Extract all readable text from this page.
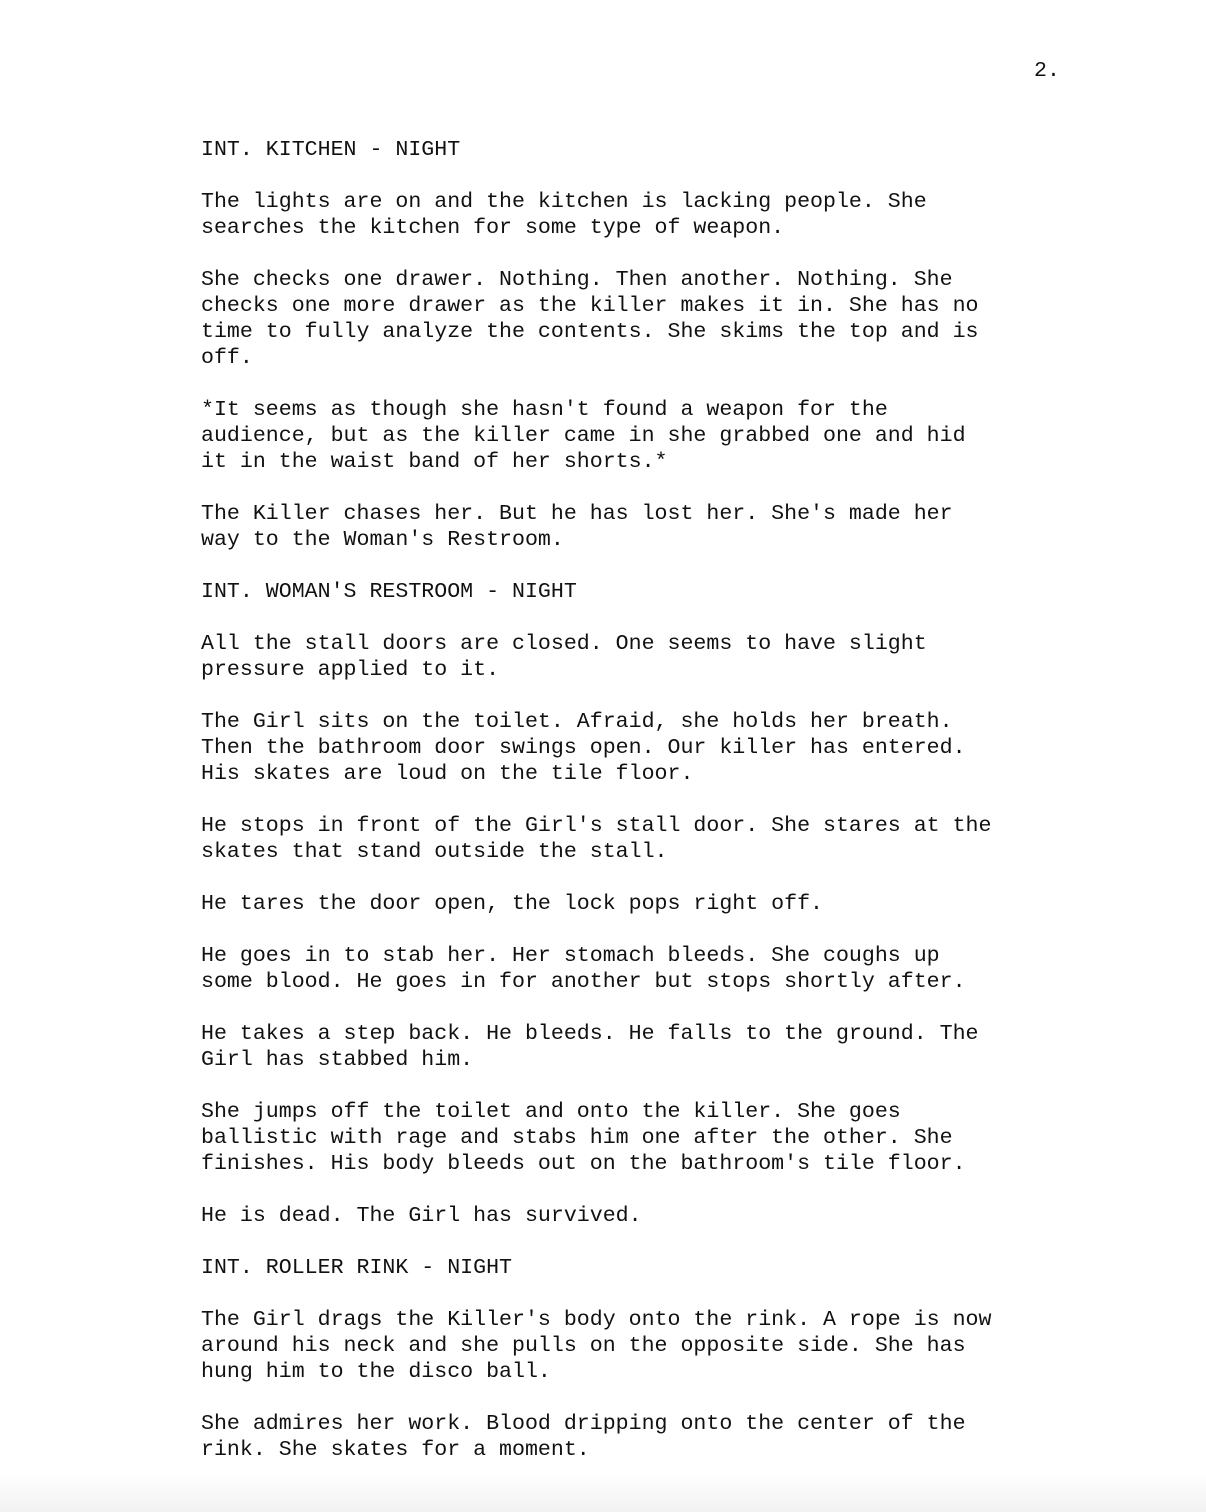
2.
INT. KITCHEN - NIGHT
The lights are on and the kitchen is lacking people. She
searches the kitchen for some type of weapon.
She checks one drawer. Nothing. Then another. Nothing. She
checks one more drawer as the killer makes it in. She has no
time to fully analyze the contents. She skims the top and is
off.
*It seems as though she hasn't found a weapon for the
audience, but as the killer came in she grabbed one and hid
it in the waist band of her shorts.*
The Killer chases her. But he has lost her. She's made her
way to the Woman's Restroom.
INT. WOMAN'S RESTROOM - NIGHT
All the stall doors are closed. One seems to have slight
pressure applied to it.
The Girl sits on the toilet. Afraid, she holds her breath.
Then the bathroom door swings open. Our killer has entered.
His skates are loud on the tile floor.
He stops in front of the Girl's stall door. She stares at the
skates that stand outside the stall.
He tares the door open, the lock pops right off.
He goes in to stab her. Her stomach bleeds. She coughs up
some blood. He goes in for another but stops shortly after.
He takes a step back. He bleeds. He falls to the ground. The
Girl has stabbed him.
She jumps off the toilet and onto the killer. She goes
ballistic with rage and stabs him one after the other. She
finishes. His body bleeds out on the bathroom's tile floor.
He is dead. The Girl has survived.
INT. ROLLER RINK - NIGHT
The Girl drags the Killer's body onto the rink. A rope is now
around his neck and she pulls on the opposite side. She has
hung him to the disco ball.
She admires her work. Blood dripping onto the center of the
rink. She skates for a moment.
